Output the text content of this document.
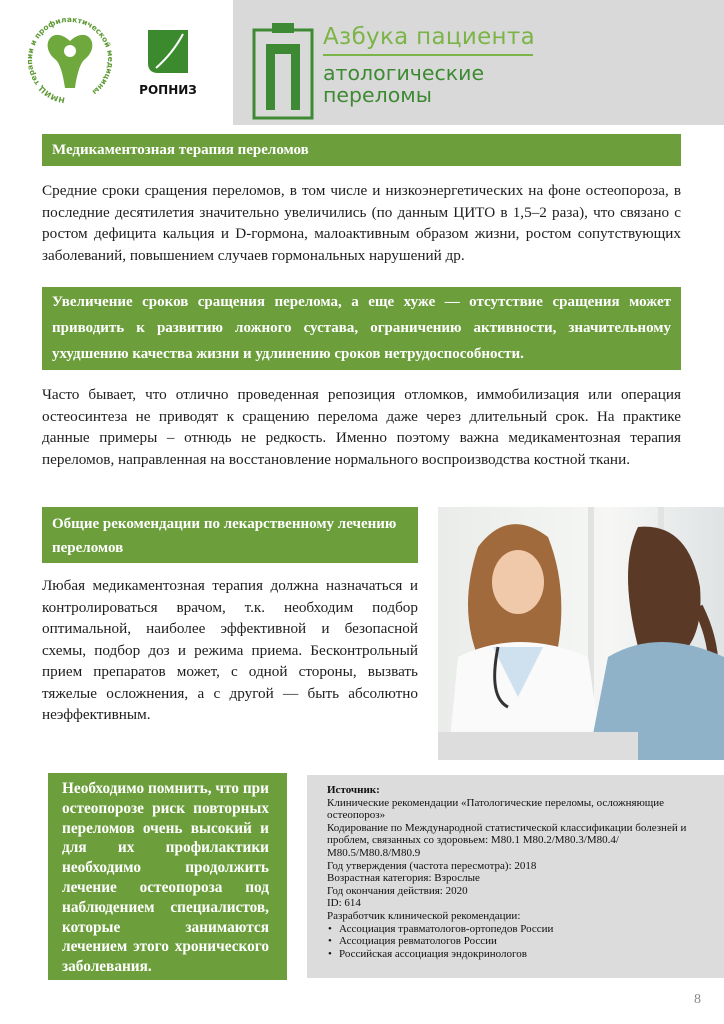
НМИЦ те и профилактической цины	РОПНИЗ
Азбука пациента
атологические
переломы
Медикаментозная терапия переломов
Средние сроки сращения переломов, в том числе и низкоэнергетических на фоне остеопороза, в последние десятилетия значительно увеличились (по данным ЦИТО в 1,5–2 раза), что связано с ростом дефицита кальция и D-гормона, малоактивным образом жизни, ростом сопутствующих заболеваний, повышением случаев гормональных нарушений др.
Увеличение сроков сращения перелома, а еще хуже — отсутствие сращения может приводить к развитию ложного сустава, ограничению активности, значительному ухудшению качества жизни и удлинению сроков нетрудоспособности.
Часто бывает, что отлично проведенная репозиция отломков, иммобилизация или операция остеосинтеза не приводят к сращению перелома даже через длительный срок. На практике данные примеры – отнюдь не редкость. Именно поэтому важна медикаментозная терапия переломов, направленная на восстановление нормального воспроизводства костной ткани.
Общие рекомендации по лекарственному лечению переломов
Любая медикаментозная терапия должна назначаться и контролироваться врачом, т.к. необходим подбор оптимальной, наиболее эффективной и безопасной схемы, подбор доз и режима приема. Бесконтрольный прием препаратов может, с одной стороны, вызвать тяжелые осложнения, а с другой — быть абсолютно неэффективным.
Необходимо помнить, что при остеопорозе риск повторных переломов очень высокий и для их профилактики необходимо продолжить лечение остеопороза под наблюдением специалистов, которые занимаются лечением этого хронического заболевания.
Источник:
Клинические рекомендации «Патологические переломы, осложняющие остеопороз»
Кодирование по Международной статистической классификации болезней и проблем, связанных со здоровьем: M80.1 M80.2/M80.3/M80.4/ M80.5/M80.8/M80.9
Год утверждения (частота пересмотра): 2018
Возрастная категория: Взрослые
Год окончания действия: 2020
ID: 614
Разработчик клинической рекомендации:
• Ассоциация травматологов-ортопедов России
• Ассоциация ревматологов России
• Российская ассоциация эндокринологов
8
